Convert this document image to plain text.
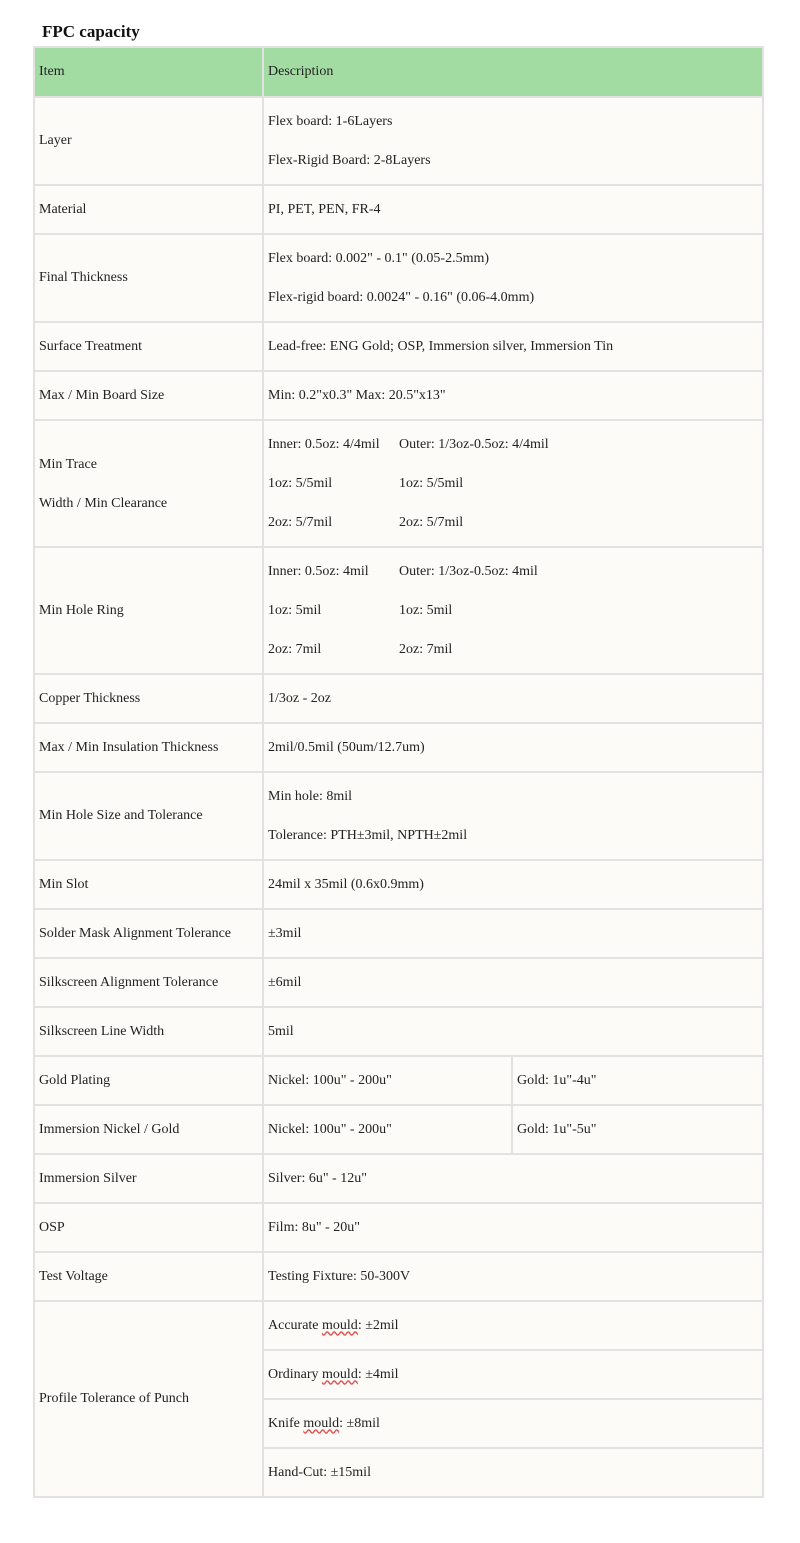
FPC capacity
Item	Description	
Layer	Flex board: 1-6Layers
Flex-Rigid Board: 2-8Layers	

Material	PI, PET, PEN, FR-4	
Final Thickness	Flex board: 0.002" - 0.1" (0.05-2.5mm)
Flex-rigid board: 0.0024" - 0.16" (0.06-4.0mm)	

Surface Treatment	Lead-free: ENG Gold; OSP, Immersion silver, Immersion Tin	
Max / Min Board Size	Min: 0.2"x0.3" Max: 20.5"x13"	

Min Trace
Width / Min Clearance	Inner: 0.5oz: 4/4mil Outer: 1/3oz-0.5oz: 4/4mil
1oz: 5/5mil 1oz: 5/5mil
2oz: 5/7mil 2oz: 5/7mil	

Min Hole Ring	Inner: 0.5oz: 4mil Outer: 1/3oz-0.5oz: 4mil
1oz: 5mil 1oz: 5mil
2oz: 7mil 2oz: 7mil	

Copper Thickness	1/3oz - 2oz	
Max / Min Insulation Thickness	2mil/0.5mil (50um/12.7um)	
Min Hole Size and Tolerance	Min hole: 8mil
Tolerance: PTH±3mil, NPTH±2mil	

Min Slot	24mil x 35mil (0.6x0.9mm)	
Solder Mask Alignment Tolerance	±3mil	
Silkscreen Alignment Tolerance	±6mil	
Silkscreen Line Width	5mil	
Gold Plating	Nickel: 100u" - 200u"	Gold: 1u"-4u"
Immersion Nickel / Gold	Nickel: 100u" - 200u"	Gold: 1u"-5u"
Immersion Silver	Silver: 6u" - 12u"	
OSP	Film: 8u" - 20u"	
Test Voltage	Testing Fixture: 50-300V	
Profile Tolerance of Punch	Accurate mould: ±2mil	
	Ordinary mould: ±4mil	
	Knife mould: ±8mil	
	Hand-Cut: ±15mil	
